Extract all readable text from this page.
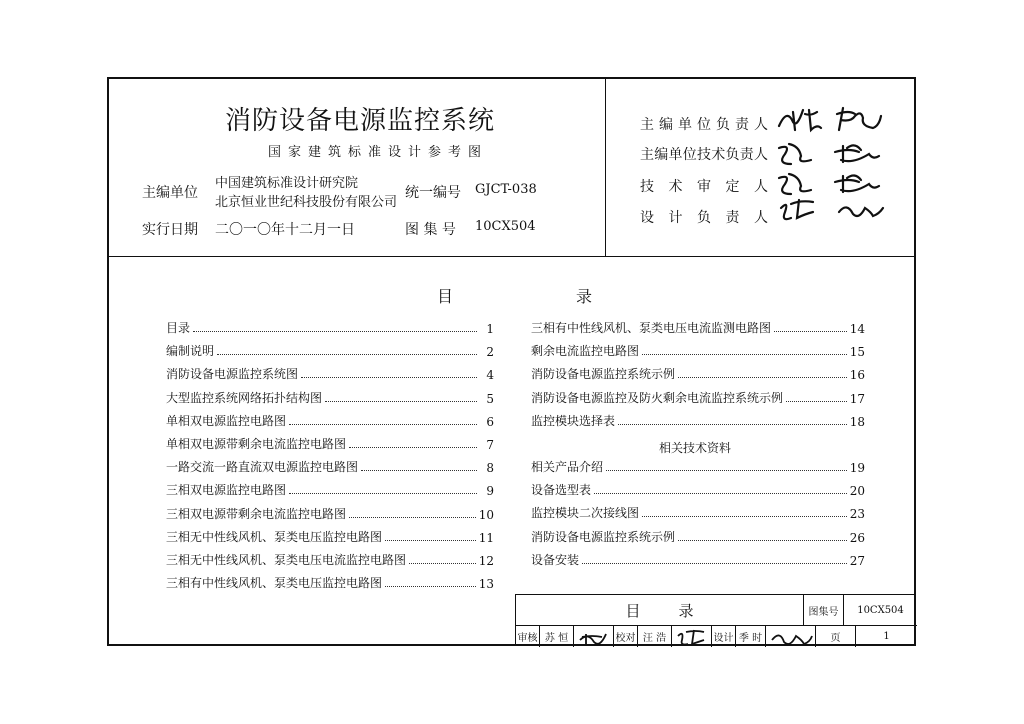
消防设备电源监控系统
国家建筑标准设计参考图
主编单位
中国建筑标准设计研究院
北京恒业世纪科技股份有限公司
统一编号 GJCT-038
实行日期 二〇一〇年十二月一日	图 集 号 10CX504
主 编 单 位 负 责 人
主 编 单 位 技 术 负 责 人
技 术 审 定 人
设 计 负 责 人
目	录
目录	1
编制说明	2
消防设备电源监控系统图	4
大型监控系统网络拓扑结构图	5
单相双电源监控电路图	6
单相双电源带剩余电流监控电路图	7
一路交流一路直流双电源监控电路图	8
三相双电源监控电路图	9
三相双电源带剩余电流监控电路图	10
三相无中性线风机、泵类电压监控电路图	11
三相无中性线风机、泵类电压电流监控电路图	12
三相有中性线风机、泵类电压监控电路图	13
三相有中性线风机、泵类电压电流监测电路图	14
剩余电流监控电路图	15
消防设备电源监控系统示例	16
消防设备电源监控及防火剩余电流监控系统示例	17
监控模块选择表	18
相关技术资料
相关产品介绍	19
设备选型表	20
监控模块二次接线图	23
消防设备电源监控系统示例	26
设备安装	27
目	录	图集号	10CX504
审核 苏 恒	校对 汪 浩	设计 季 时	页	1
